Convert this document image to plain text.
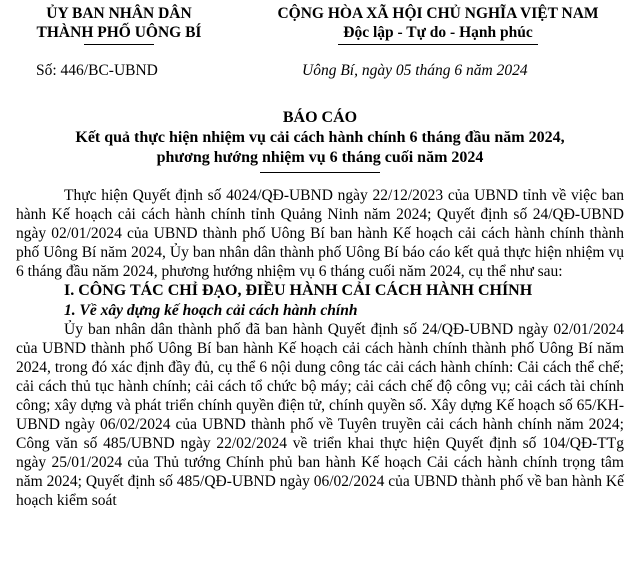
ỦY BAN NHÂN DÂN
THÀNH PHỐ UÔNG BÍ
CỘNG HÒA XÃ HỘI CHỦ NGHĨA VIỆT NAM
Độc lập - Tự do - Hạnh phúc
Số: 446/BC-UBND	Uông Bí, ngày 05 tháng 6 năm 2024
BÁO CÁO
Kết quả thực hiện nhiệm vụ cải cách hành chính 6 tháng đầu năm 2024,
phương hướng nhiệm vụ 6 tháng cuối năm 2024

Thực hiện Quyết định số 4024/QĐ-UBND ngày 22/12/2023 của UBND tỉnh về việc ban hành Kế hoạch cải cách hành chính tỉnh Quảng Ninh năm 2024; Quyết định số 24/QĐ-UBND ngày 02/01/2024 của UBND thành phố Uông Bí ban hành Kế hoạch cải cách hành chính thành phố Uông Bí năm 2024, Ủy ban nhân dân thành phố Uông Bí báo cáo kết quả thực hiện nhiệm vụ 6 tháng đầu năm 2024, phương hướng nhiệm vụ 6 tháng cuối năm 2024, cụ thể như sau:

I. CÔNG TÁC CHỈ ĐẠO, ĐIỀU HÀNH CẢI CÁCH HÀNH CHÍNH

1. Về xây dựng kế hoạch cải cách hành chính

Ủy ban nhân dân thành phố đã ban hành Quyết định số 24/QĐ-UBND ngày 02/01/2024 của UBND thành phố Uông Bí ban hành Kế hoạch cải cách hành chính thành phố Uông Bí năm 2024, trong đó xác định đầy đủ, cụ thể 6 nội dung công tác cải cách hành chính: Cải cách thể chế; cải cách thủ tục hành chính; cải cách tổ chức bộ máy; cải cách chế độ công vụ; cải cách tài chính công; xây dựng và phát triển chính quyền điện tử, chính quyền số. Xây dựng Kế hoạch số 65/KH-UBND ngày 06/02/2024 của UBND thành phố về Tuyên truyền cải cách hành chính năm 2024; Công văn số 485/UBND ngày 22/02/2024 về triển khai thực hiện Quyết định số 104/QĐ-TTg ngày 25/01/2024 của Thủ tướng Chính phủ ban hành Kế hoạch Cải cách hành chính trọng tâm năm 2024; Quyết định số 485/QĐ-UBND ngày 06/02/2024 của UBND thành phố về ban hành Kế hoạch kiểm soát
